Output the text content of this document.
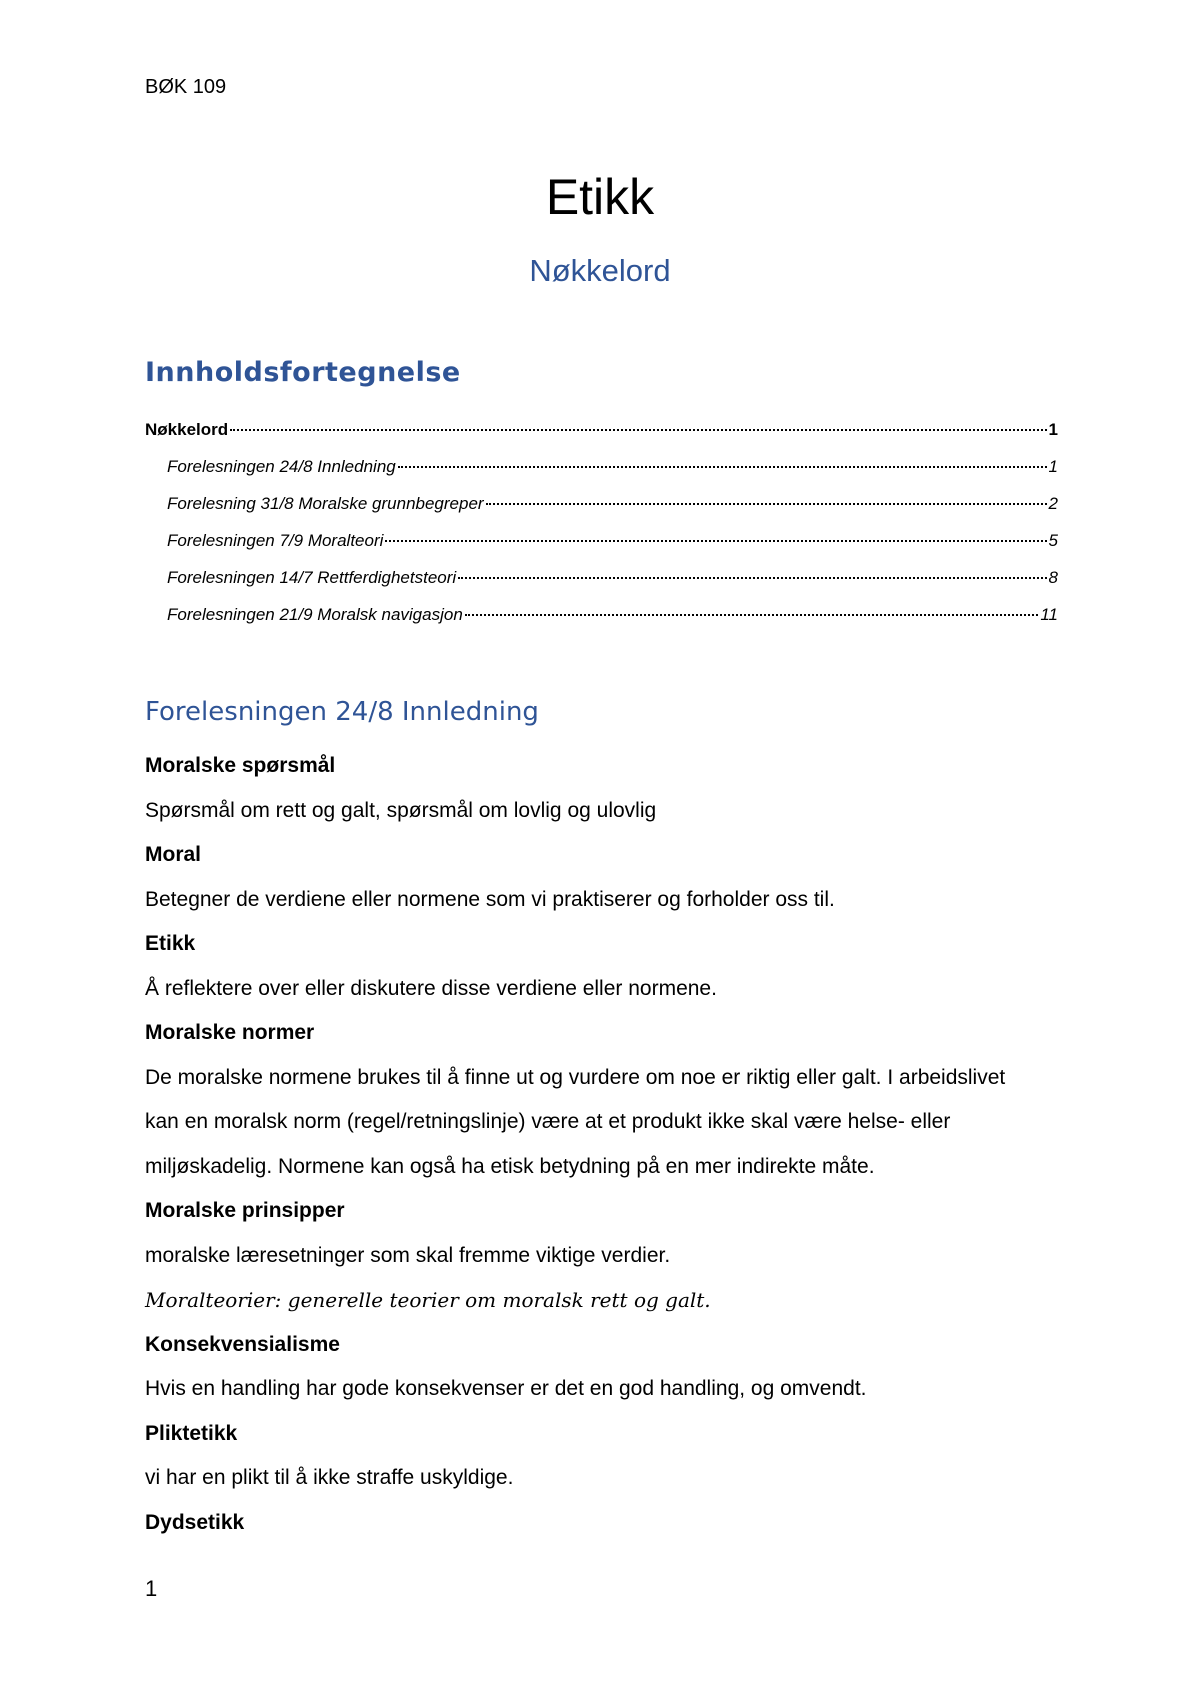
BØK 109
Etikk
Nøkkelord
Innholdsfortegnelse
Nøkkelord	1
Forelesningen 24/8 Innledning	1
Forelesning 31/8 Moralske grunnbegreper	2
Forelesningen 7/9 Moralteori	5
Forelesningen 14/7 Rettferdighetsteori	8
Forelesningen 21/9 Moralsk navigasjon	11
Forelesningen 24/8 Innledning

Moralske spørsmål

Spørsmål om rett og galt, spørsmål om lovlig og ulovlig

Moral

Betegner de verdiene eller normene som vi praktiserer og forholder oss til.

Etikk

Å reflektere over eller diskutere disse verdiene eller normene.

Moralske normer

De moralske normene brukes til å finne ut og vurdere om noe er riktig eller galt. I arbeidslivet

kan en moralsk norm (regel/retningslinje) være at et produkt ikke skal være helse- eller

miljøskadelig. Normene kan også ha etisk betydning på en mer indirekte måte.

Moralske prinsipper

moralske læresetninger som skal fremme viktige verdier.

Moralteorier: generelle teorier om moralsk rett og galt.

Konsekvensialisme

Hvis en handling har gode konsekvenser er det en god handling, og omvendt.

Pliktetikk

vi har en plikt til å ikke straffe uskyldige.

Dydsetikk

1
